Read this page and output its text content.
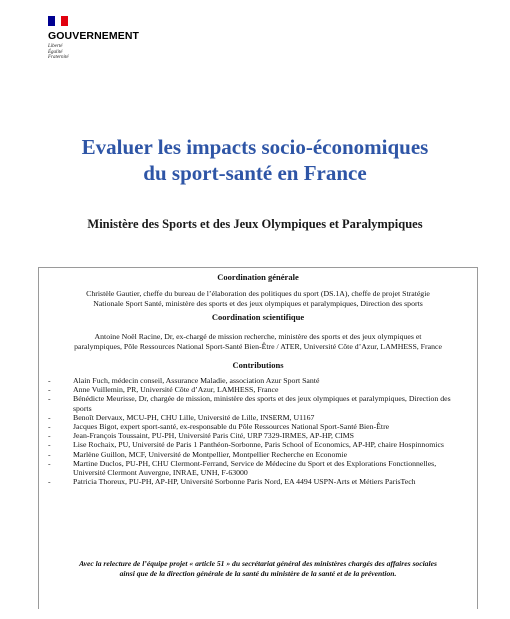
GOUVERNEMENT
Liberté
Égalité
Fraternité
Evaluer les impacts socio-économiques
du sport-santé en France
Ministère des Sports et des Jeux Olympiques et Paralympiques
Coordination générale
Christèle Gautier, cheffe du bureau de l’élaboration des politiques du sport (DS.1A), cheffe de projet Stratégie
Nationale Sport Santé, ministère des sports et des jeux olympiques et paralympiques, Direction des sports
Coordination scientifique
Antoine Noël Racine, Dr, ex-chargé de mission recherche, ministère des sports et des jeux olympiques et
paralympiques, Pôle Ressources National Sport-Santé Bien-Être / ATER, Université Côte d’Azur, LAMHESS, France
Contributions
- Alain Fuch, médecin conseil, Assurance Maladie, association Azur Sport Santé
- Anne Vuillemin, PR, Université Côte d’Azur, LAMHESS, France
- Bénédicte Meurisse, Dr, chargée de mission, ministère des sports et des jeux olympiques et paralympiques, Direction des sports
- Benoît Dervaux, MCU-PH, CHU Lille, Université de Lille, INSERM, U1167
- Jacques Bigot, expert sport-santé, ex-responsable du Pôle Ressources National Sport-Santé Bien-Être
- Jean-François Toussaint, PU-PH, Université Paris Cité, URP 7329-IRMES, AP-HP, CIMS
- Lise Rochaix, PU, Université de Paris 1 Panthéon-Sorbonne, Paris School of Economics, AP-HP, chaire Hospinnomics
- Marlène Guillon, MCF, Université de Montpellier, Montpellier Recherche en Economie
- Martine Duclos, PU-PH, CHU Clermont-Ferrand, Service de Médecine du Sport et des Explorations Fonctionnelles, Université Clermont Auvergne, INRAE, UNH, F-63000
- Patricia Thoreux, PU-PH, AP-HP, Université Sorbonne Paris Nord, EA 4494 USPN-Arts et Métiers ParisTech
Avec la relecture de l’équipe projet « article 51 » du secrétariat général des ministères chargés des affaires sociales
ainsi que de la direction générale de la santé du ministère de la santé et de la prévention.
